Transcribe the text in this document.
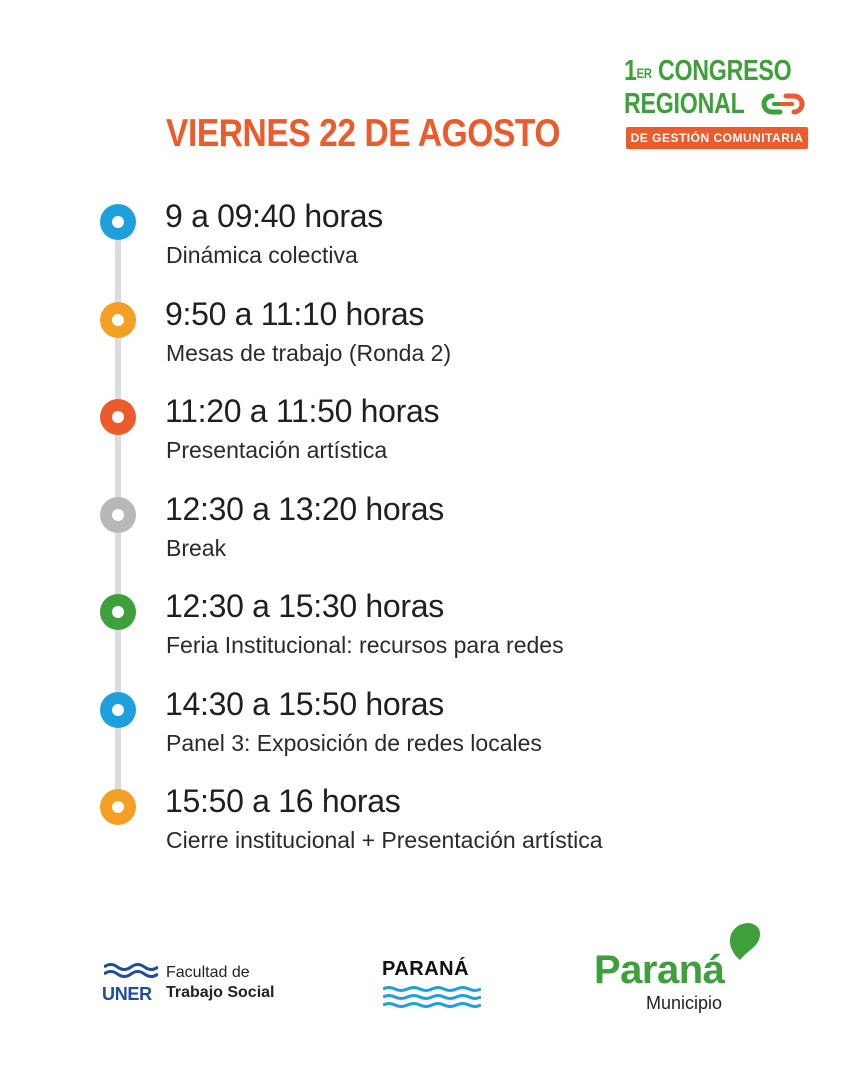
VIERNES 22 DE AGOSTO
1ER CONGRESO
REGIONAL
DE GESTIÓN COMUNITARIA
9 a 09:40 horas
Dinámica colectiva
9:50 a 11:10 horas
Mesas de trabajo (Ronda 2)
11:20 a 11:50 horas
Presentación artística
12:30 a 13:20 horas
Break
12:30 a 15:30 horas
Feria Institucional: recursos para redes
14:30 a 15:50 horas
Panel 3: Exposición de redes locales
15:50 a 16 horas
Cierre institucional + Presentación artística
UNER
Facultad de
Trabajo Social
PARANÁ	Paraná
Municipio
